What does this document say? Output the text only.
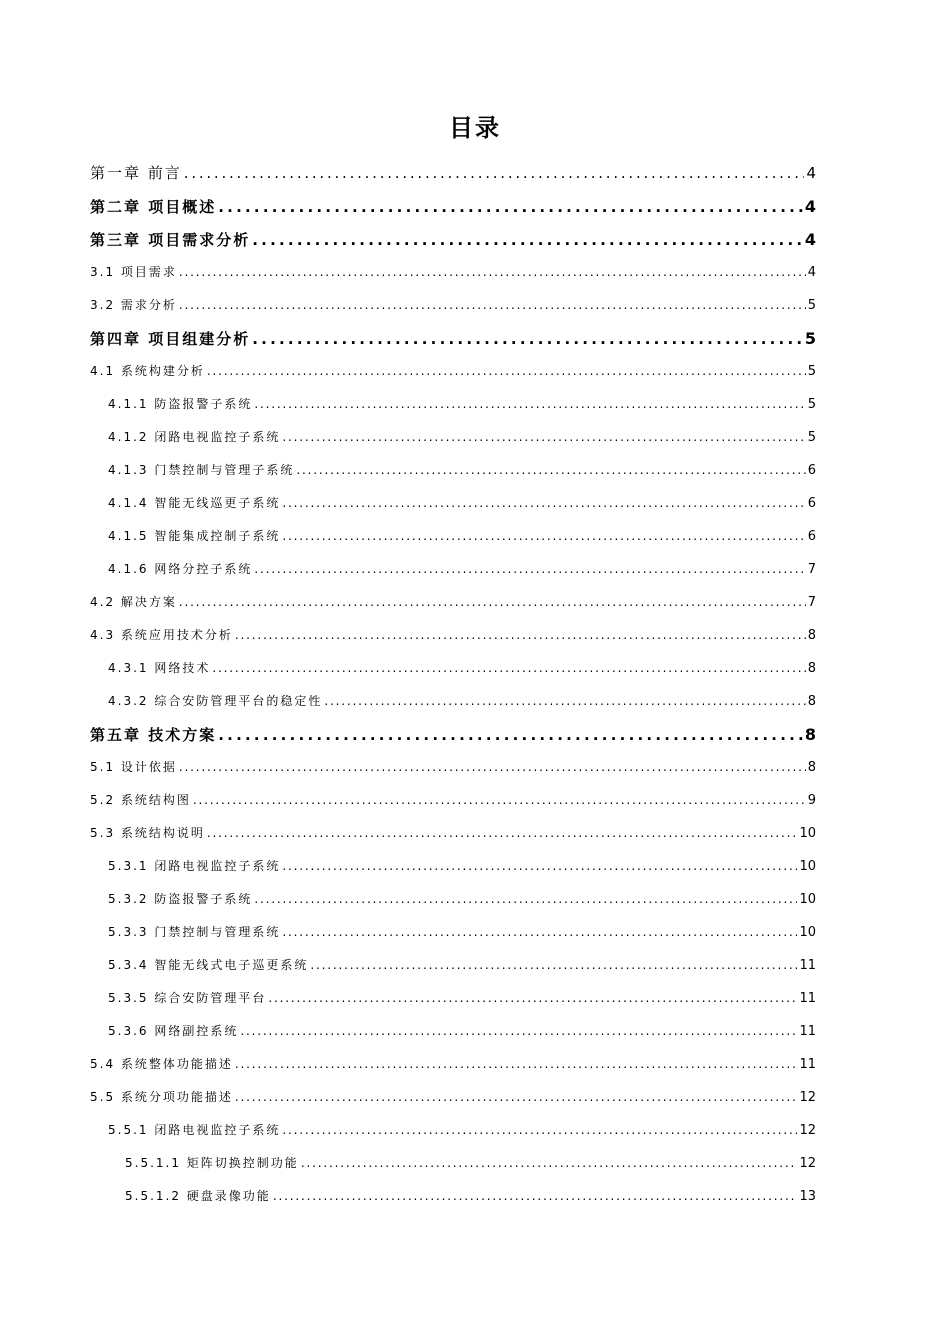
目录
第一章 前言 . . .	4
第二章 项目概述 . . .	4
第三章 项目需求分析 . . .	4
3.1 项目需求 . . .	4
3.2 需求分析 . . .	5
第四章 项目组建分析 . . .	5
4.1 系统构建分析 . . .	5
4.1.1 防盗报警子系统 . . .	5
4.1.2 闭路电视监控子系统 . . .	5
4.1.3 门禁控制与管理子系统 . . .	6
4.1.4 智能无线巡更子系统 . . .	6
4.1.5 智能集成控制子系统 . . .	6
4.1.6 网络分控子系统 . . .	7
4.2 解决方案 . . .	7
4.3 系统应用技术分析 . . .	8
4.3.1 网络技术 . . .	8
4.3.2 综合安防管理平台的稳定性 . . .	8
第五章 技术方案 . . .	8
5.1 设计依据 . . .	8
5.2 系统结构图 . . .	9
5.3 系统结构说明 . . .	10
5.3.1 闭路电视监控子系统 . . .	10
5.3.2 防盗报警子系统 . . .	10
5.3.3 门禁控制与管理系统 . . .	10
5.3.4 智能无线式电子巡更系统 . . .	11
5.3.5 综合安防管理平台 . . .	11
5.3.6 网络副控系统 . . .	11
5.4 系统整体功能描述 . . .	11
5.5 系统分项功能描述 . . .	12
5.5.1 闭路电视监控子系统 . . .	12
5.5.1.1 矩阵切换控制功能 . . .	12
5.5.1.2 硬盘录像功能 . . .	13
